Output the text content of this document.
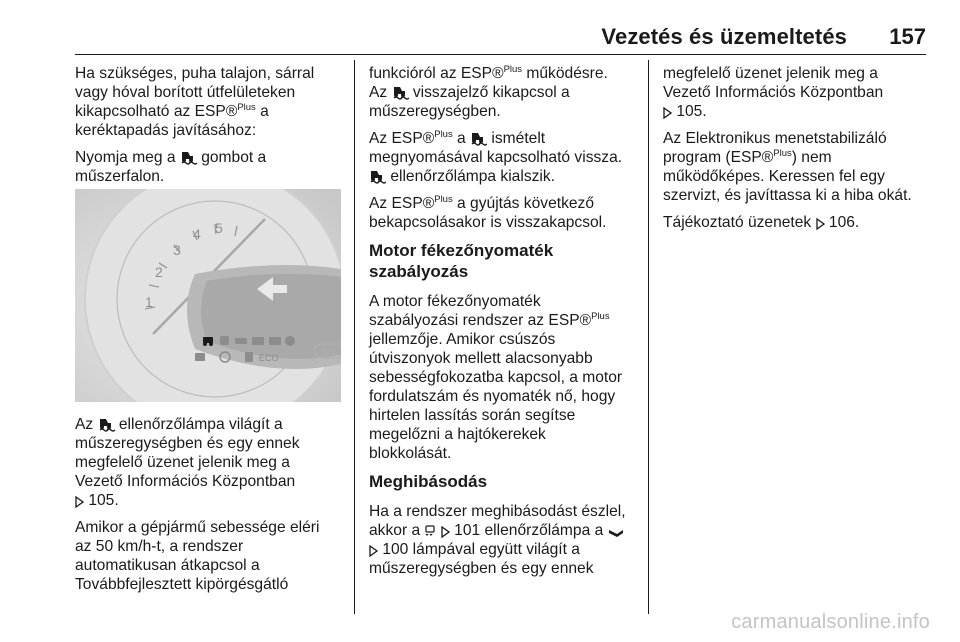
Vezetés és üzemeltetés 157

Ha szükséges, puha talajon, sárral
vagy hóval borított útfelületeken
kikapcsolható az ESP®$^{Plus}$ a
keréktapadás javításához:

Nyomja meg a  gombot a
műszerfalon.

1
2
3
4 5
ECO
1/3

Az  ellenőrzőlámpa világít a
műszeregységben és egy ennek
megfelelő üzenet jelenik meg a
Vezető Információs Központban
105.

Amikor a gépjármű sebessége eléri
az 50 km/h-t, a rendszer
automatikusan átkapcsol a
Továbbfejlesztett kipörgésgátló

funkcióról az ESP®$^{Plus}$ működésre.
Az  visszajelző kikapcsol a
műszeregységben.

Az ESP®$^{Plus}$ a  ismételt
megnyomásával kapcsolható vissza.
ellenőrzőlámpa kialszik.

Az ESP®$^{Plus}$ a gyújtás következő
bekapcsolásakor is visszakapcsol.

Motor fékezőnyomaték
szabályozás

A motor fékezőnyomaték
szabályozási rendszer az ESP®$^{Plus}$
jellemzője. Amikor csúszós
útviszonyok mellett alacsonyabb
sebességfokozatba kapcsol, a motor
fordulatszám és nyomaték nő, hogy
hirtelen lassítás során segítse
megelőzni a hajtókerekek
blokkolását.

Meghibásodás

Ha a rendszer meghibásodást észlel,
akkor a   101 ellenőrzőlámpa a
100 lámpával együtt világít a
műszeregységben és egy ennek

megfelelő üzenet jelenik meg a
Vezető Információs Központban
105.

Az Elektronikus menetstabilizáló
program (ESP®$^{Plus}$) nem
működőképes. Keressen fel egy
szervizt, és javíttassa ki a hiba okát.

Tájékoztató üzenetek  106.

carmanualsonline.info
